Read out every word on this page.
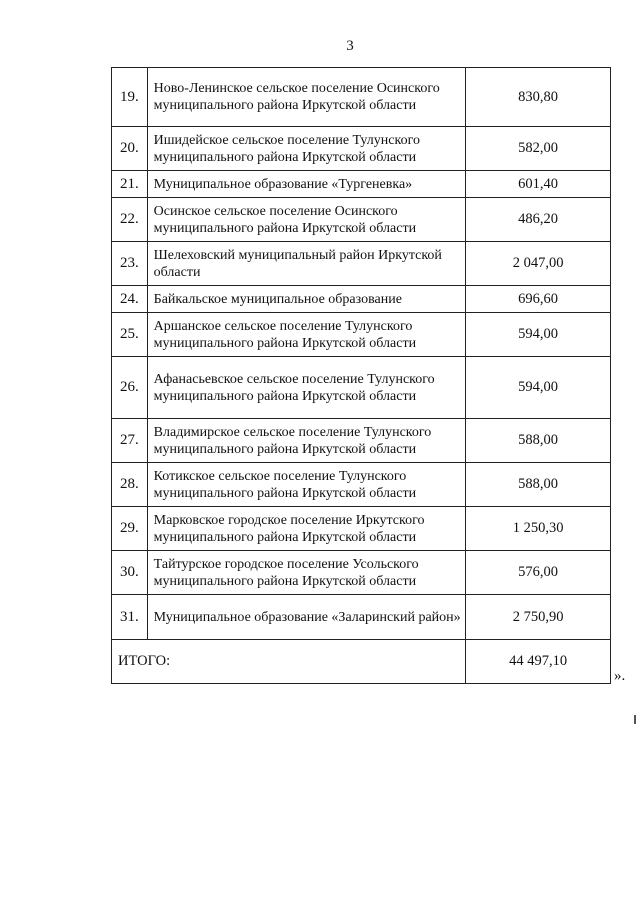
3
19.	Ново-Ленинское сельское поселение Осинского муниципального района Иркутской области	830,80
20.	Ишидейское сельское поселение Тулунского муниципального района Иркутской области	582,00
21.	Муниципальное образование «Тургеневка»	601,40
22.	Осинское сельское поселение Осинского муниципального района Иркутской области	486,20
23.	Шелеховский муниципальный район Иркутской области	2 047,00
24.	Байкальское муниципальное образование	696,60
25.	Аршанское сельское поселение Тулунского муниципального района Иркутской области	594,00
26.	Афанасьевское сельское поселение Тулунского муниципального района Иркутской области	594,00
27.	Владимирское сельское поселение Тулунского муниципального района Иркутской области	588,00
28.	Котикское сельское поселение Тулунского муниципального района Иркутской области	588,00
29.	Марковское городское поселение Иркутского муниципального района Иркутской области	1 250,30
30.	Тайтурское городское поселение Усольского муниципального района Иркутской области	576,00
31.	Муниципальное образование «Заларинский район»	2 750,90
ИТОГО:		44 497,10
».
